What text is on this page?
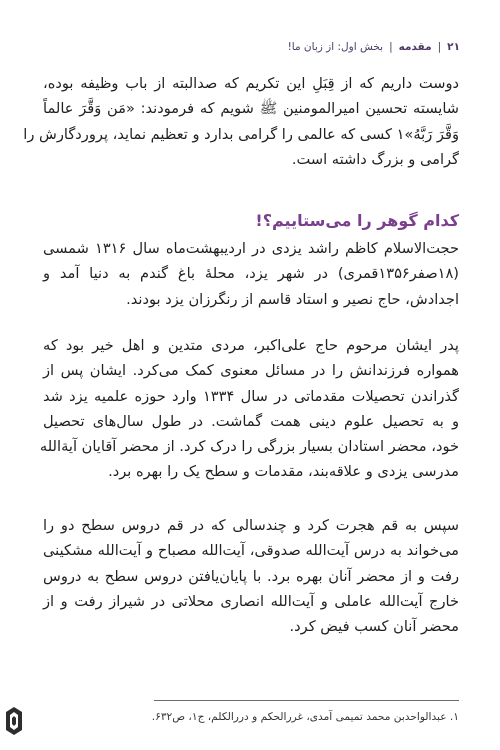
۲۱
|
مقدمه
|
بخش اول: از زبان ما!
دوست داریم که از قِبَلِ این تکریم که صدالبته از باب وظیفه بوده،
شایسته تحسین امیرالمومنین ﷺ شویم که فرمودند: «مَن وَقَّرَ عالماً
وَقَّرَ رَبَّهُ»۱ کسی که عالمی را گرامی بدارد و تعظیم نماید، پروردگارش را
گرامی و بزرگ داشته است.
کدام گوهر را می‌ستاییم؟!
حجت‌الاسلام کاظم راشد یزدی در اردیبهشت‌ماه سال ۱۳۱۶ شمسی
(۱۸صفر۱۳۵۶قمری) در شهر یزد، محلهٔ باغ گندم به دنیا آمد و
اجدادش، حاج نصیر و استاد قاسم از رنگرزان یزد بودند.
پدر ایشان مرحوم حاج علی‌اکبر، مردی متدین و اهل خیر بود که
همواره فرزندانش را در مسائل معنوی کمک می‌کرد. ایشان پس از
گذراندن تحصیلات مقدماتی در سال ۱۳۳۴ وارد حوزه علمیه یزد شد
و به تحصیل علوم دینی همت گماشت. در طول سال‌های تحصیل
خود، محضر استادان بسیار بزرگی را درک کرد. از محضر آقایان آیة‌الله
مدرسی یزدی و علاقه‌بند، مقدمات و سطح یک را بهره برد.
سپس به قم هجرت کرد و چندسالی که در قم دروس سطح دو را
می‌خواند به درس آیت‌الله صدوقی، آیت‌الله مصباح و آیت‌الله مشکینی
رفت و از محضر آنان بهره برد. با پایان‌یافتن دروس سطح به دروس
خارج آیت‌الله عاملی و آیت‌الله انصاری محلاتی در شیراز رفت و از
محضر آنان کسب فیض کرد.
۱. عبدالواحدبن محمد تمیمی آمدی، غررالحکم و دررالکلم، ج۱، ص۶۳۲.
